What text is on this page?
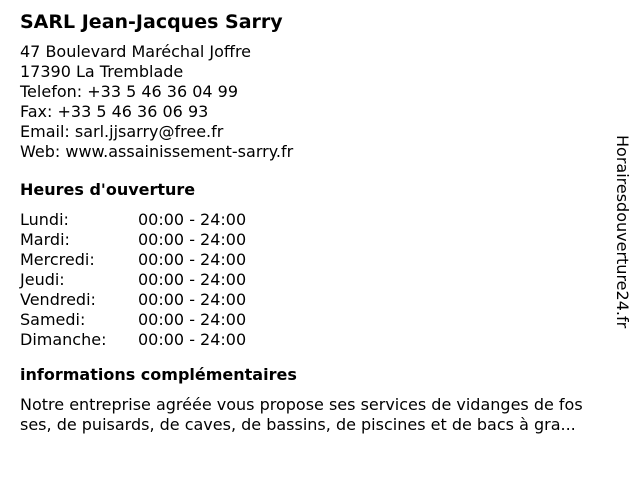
SARL Jean-Jacques Sarry
47 Boulevard Maréchal Joffre
17390 La Tremblade
Telefon: +33 5 46 36 04 99
Fax: +33 5 46 36 06 93
Email: sarl.jjsarry@free.fr
Web: www.assainissement-sarry.fr
Heures d'ouverture
Lundi:	00:00 - 24:00
Mardi:	00:00 - 24:00
Mercredi:	00:00 - 24:00
Jeudi:	00:00 - 24:00
Vendredi:	00:00 - 24:00
Samedi:	00:00 - 24:00
Dimanche:	00:00 - 24:00
informations complémentaires
Notre entreprise agréée vous propose ses services de vidanges de fos
ses, de puisards, de caves, de bassins, de piscines et de bacs à gra...
Horairesdouverture24.fr
